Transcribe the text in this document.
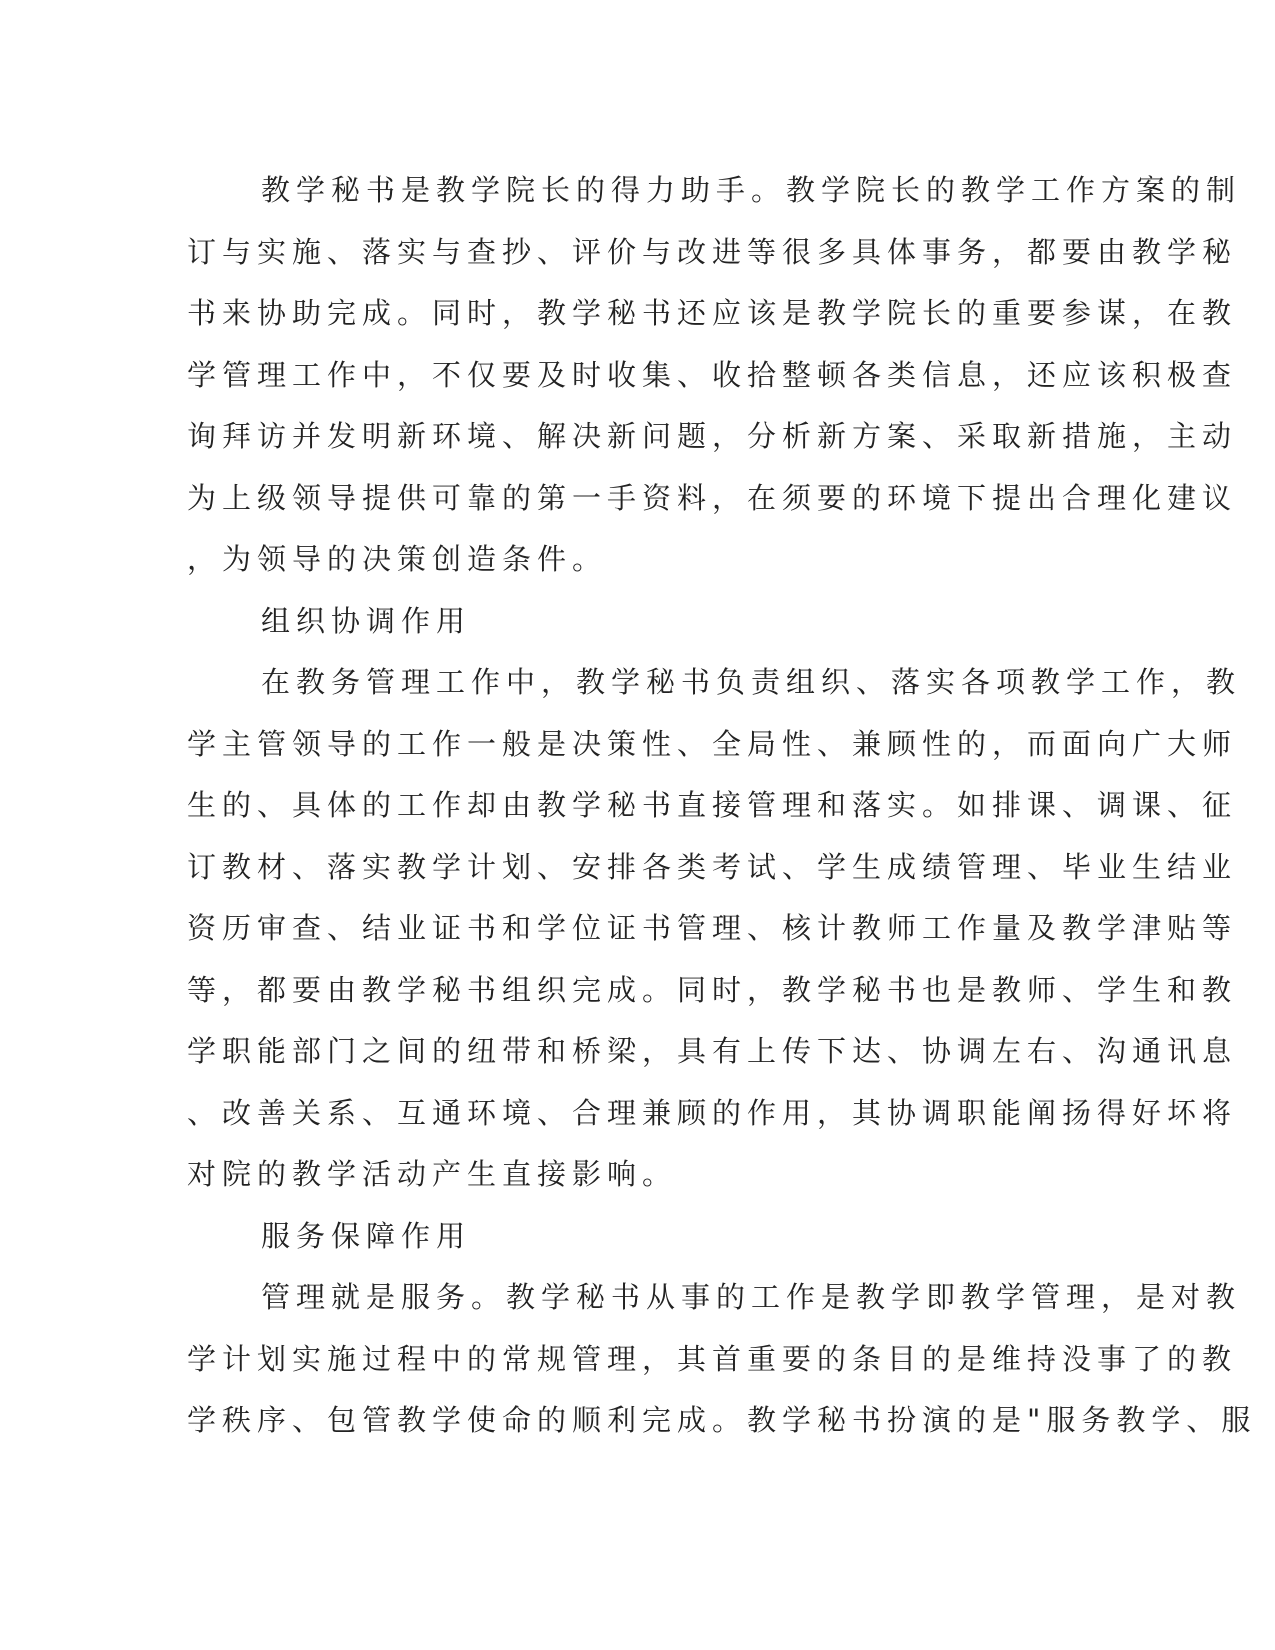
教学秘书是教学院长的得力助手。教学院长的教学工作方案的制
订与实施、落实与查抄、评价与改进等很多具体事务，都要由教学秘
书来协助完成。同时，教学秘书还应该是教学院长的重要参谋，在教
学管理工作中，不仅要及时收集、收拾整顿各类信息，还应该积极查
询拜访并发明新环境、解决新问题，分析新方案、采取新措施，主动
为上级领导提供可靠的第一手资料，在须要的环境下提出合理化建议
，为领导的决策创造条件。
组织协调作用
在教务管理工作中，教学秘书负责组织、落实各项教学工作，教
学主管领导的工作一般是决策性、全局性、兼顾性的，而面向广大师
生的、具体的工作却由教学秘书直接管理和落实。如排课、调课、征
订教材、落实教学计划、安排各类考试、学生成绩管理、毕业生结业
资历审查、结业证书和学位证书管理、核计教师工作量及教学津贴等
等，都要由教学秘书组织完成。同时，教学秘书也是教师、学生和教
学职能部门之间的纽带和桥梁，具有上传下达、协调左右、沟通讯息
、改善关系、互通环境、合理兼顾的作用，其协调职能阐扬得好坏将
对院的教学活动产生直接影响。
服务保障作用
管理就是服务。教学秘书从事的工作是教学即教学管理，是对教
学计划实施过程中的常规管理，其首重要的条目的是维持没事了的教
学秩序、包管教学使命的顺利完成。教学秘书扮演的是"服务教学、服
